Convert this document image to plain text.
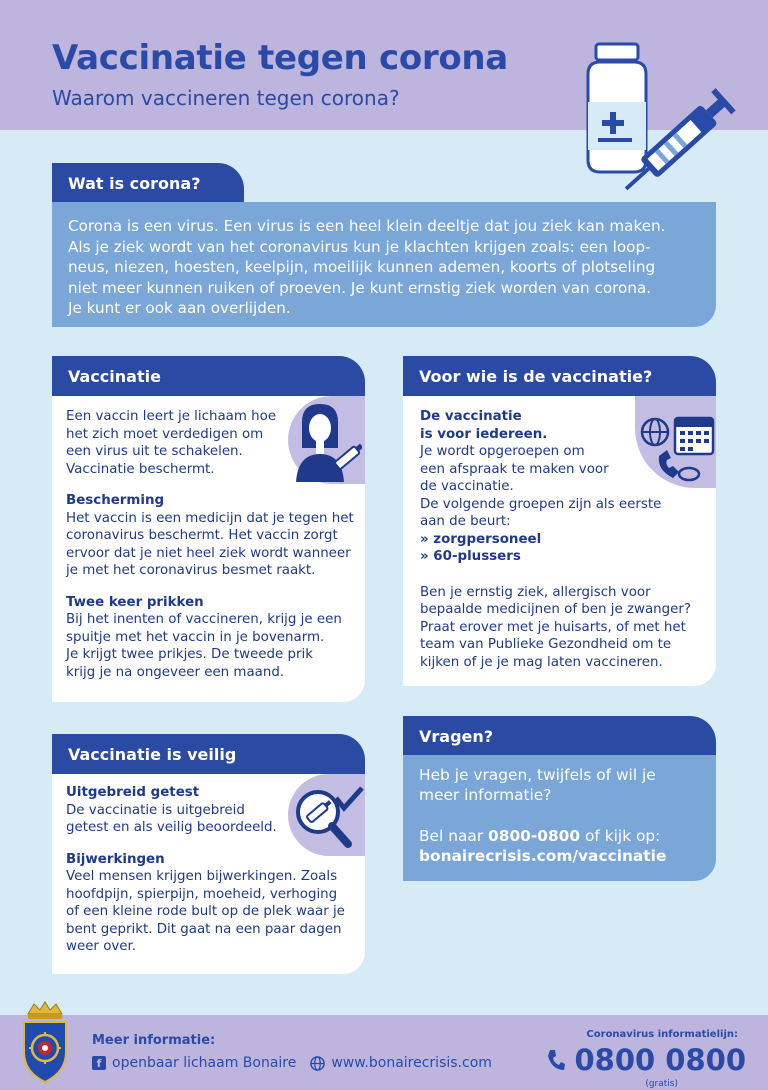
Vaccinatie tegen corona
Waarom vaccineren tegen corona?
Wat is corona?
Corona is een virus. Een virus is een heel klein deeltje dat jou ziek kan maken.
Als je ziek wordt van het coronavirus kun je klachten krijgen zoals: een loop-
neus, niezen, hoesten, keelpijn, moeilijk kunnen ademen, koorts of plotseling
niet meer kunnen ruiken of proeven. Je kunt ernstig ziek worden van corona.
Je kunt er ook aan overlijden.
Vaccinatie
Een vaccin leert je lichaam hoe
het zich moet verdedigen om
een virus uit te schakelen.
Vaccinatie beschermt.
Bescherming
Het vaccin is een medicijn dat je tegen het
coronavirus beschermt. Het vaccin zorgt
ervoor dat je niet heel ziek wordt wanneer
je met het coronavirus besmet raakt.
Twee keer prikken
Bij het inenten of vaccineren, krijg je een
spuitje met het vaccin in je bovenarm.
Je krijgt twee prikjes. De tweede prik
krijg je na ongeveer een maand.
Voor wie is de vaccinatie?
De vaccinatie
is voor iedereen.
Je wordt opgeroepen om
een afspraak te maken voor
de vaccinatie.
De volgende groepen zijn als eerste
aan de beurt:
» zorgpersoneel
» 60-plussers
Ben je ernstig ziek, allergisch voor
bepaalde medicijnen of ben je zwanger?
Praat erover met je huisarts, of met het
team van Publieke Gezondheid om te
kijken of je je mag laten vaccineren.
Vaccinatie is veilig
Uitgebreid getest
De vaccinatie is uitgebreid
getest en als veilig beoordeeld.
Bijwerkingen
Veel mensen krijgen bijwerkingen. Zoals
hoofdpijn, spierpijn, moeheid, verhoging
of een kleine rode bult op de plek waar je
bent geprikt. Dit gaat na een paar dagen
weer over.
Vragen?
Heb je vragen, twijfels of wil je
meer informatie?
Bel naar 0800-0800 of kijk op:
bonairecrisis.com/vaccinatie
Meer informatie:
f openbaar lichaam Bonaire	www.bonairecrisis.com
Coronavirus informatielijn:
0800 0800
(gratis)
